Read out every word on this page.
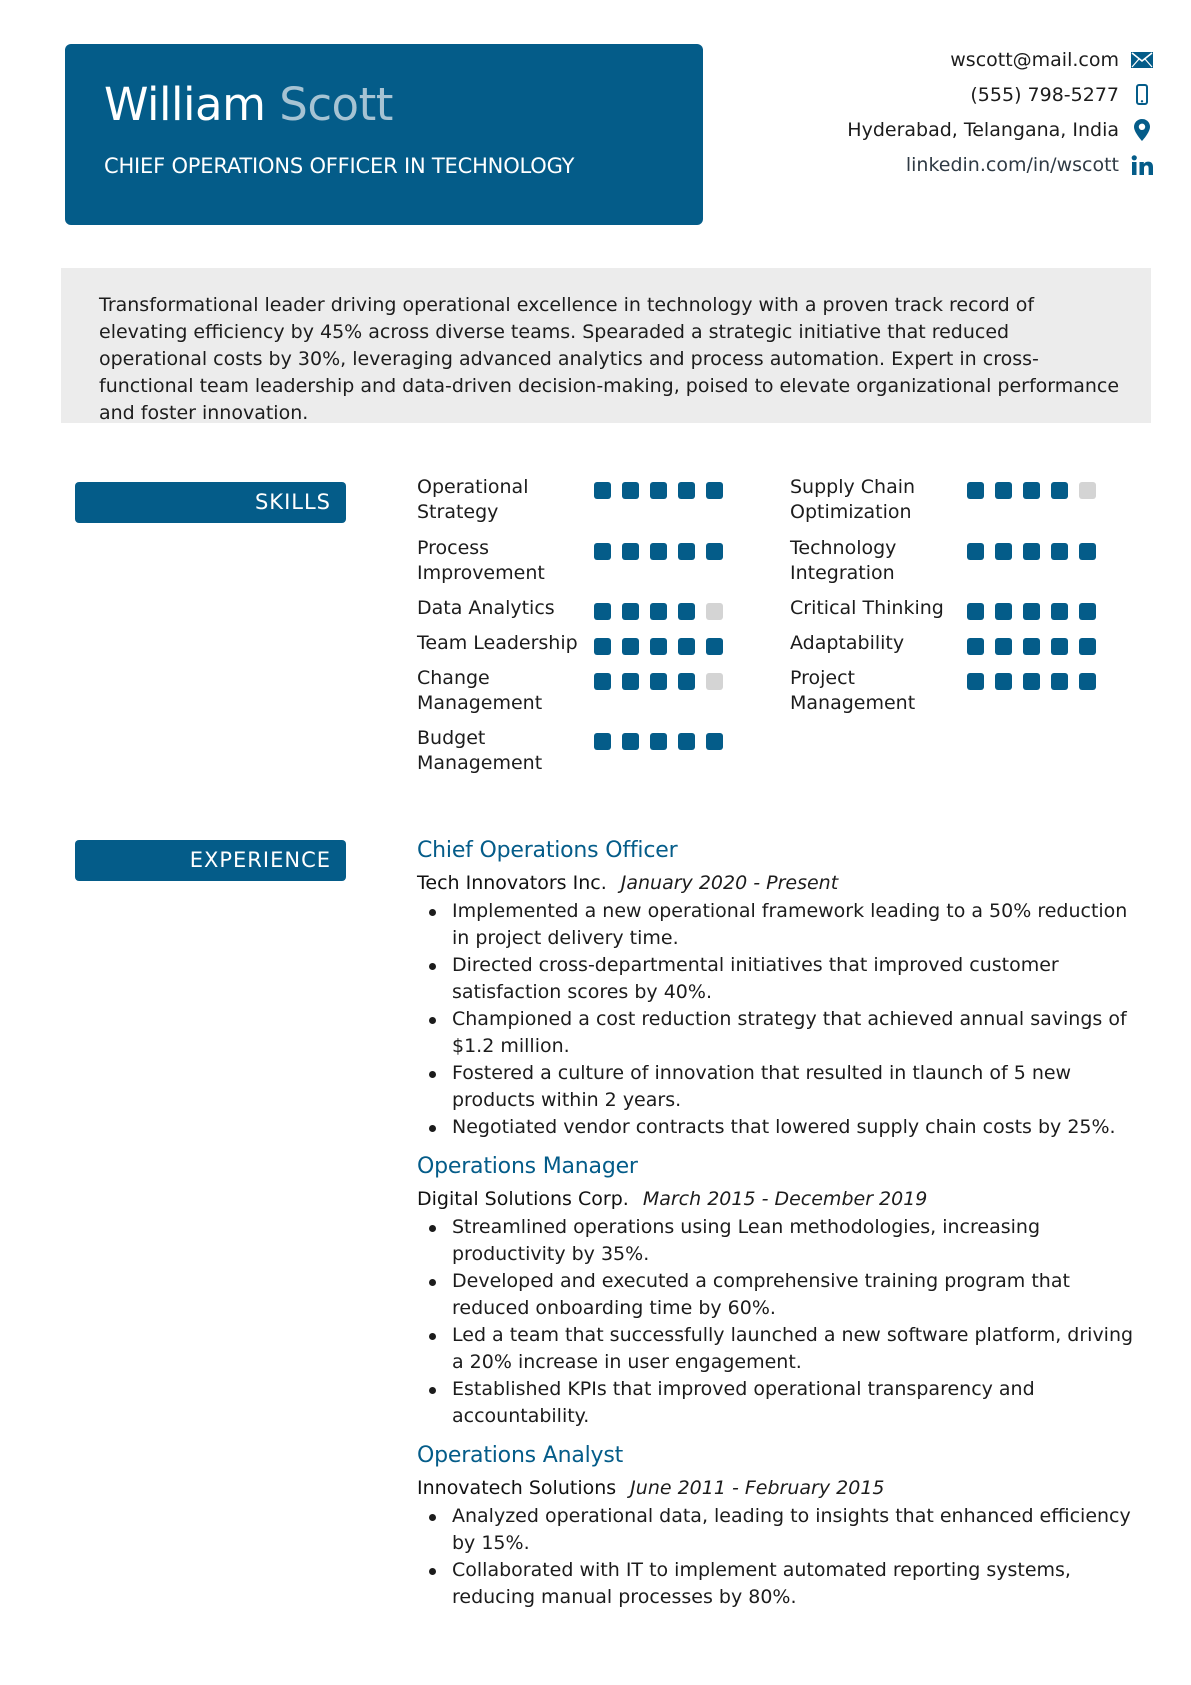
William Scott
CHIEF OPERATIONS OFFICER IN TECHNOLOGY
wscott@mail.com
(555) 798-5277
Hyderabad, Telangana, India
linkedin.com/in/wscott

Transformational leader driving operational excellence in technology with a proven track record of elevating efficiency by 45% across diverse teams. Spearaded a strategic initiative that reduced operational costs by 30%, leveraging advanced analytics and process automation. Expert in cross-functional team leadership and data-driven decision-making, poised to elevate organizational performance and foster innovation.

SKILLS
Operational Strategy
Process Improvement
Data Analytics
Team Leadership
Change Management
Budget Management
Supply Chain Optimization
Technology Integration
Critical Thinking
Adaptability
Project Management
EXPERIENCE	Chief Operations Officer
Tech Innovators Inc. January 2020 - Present
Implemented a new operational framework leading to a 50% reduction in project delivery time.
Directed cross-departmental initiatives that improved customer satisfaction scores by 40%.
Championed a cost reduction strategy that achieved annual savings of $1.2 million.
Fostered a culture of innovation that resulted in tlaunch of 5 new products within 2 years.
Negotiated vendor contracts that lowered supply chain costs by 25%.
Operations Manager
Digital Solutions Corp. March 2015 - December 2019
Streamlined operations using Lean methodologies, increasing productivity by 35%.
Developed and executed a comprehensive training program that reduced onboarding time by 60%.
Led a team that successfully launched a new software platform, driving a 20% increase in user engagement.
Established KPIs that improved operational transparency and accountability.
Operations Analyst
Innovatech Solutions June 2011 - February 2015
Analyzed operational data, leading to insights that enhanced efficiency by 15%.
Collaborated with IT to implement automated reporting systems, reducing manual processes by 80%.
